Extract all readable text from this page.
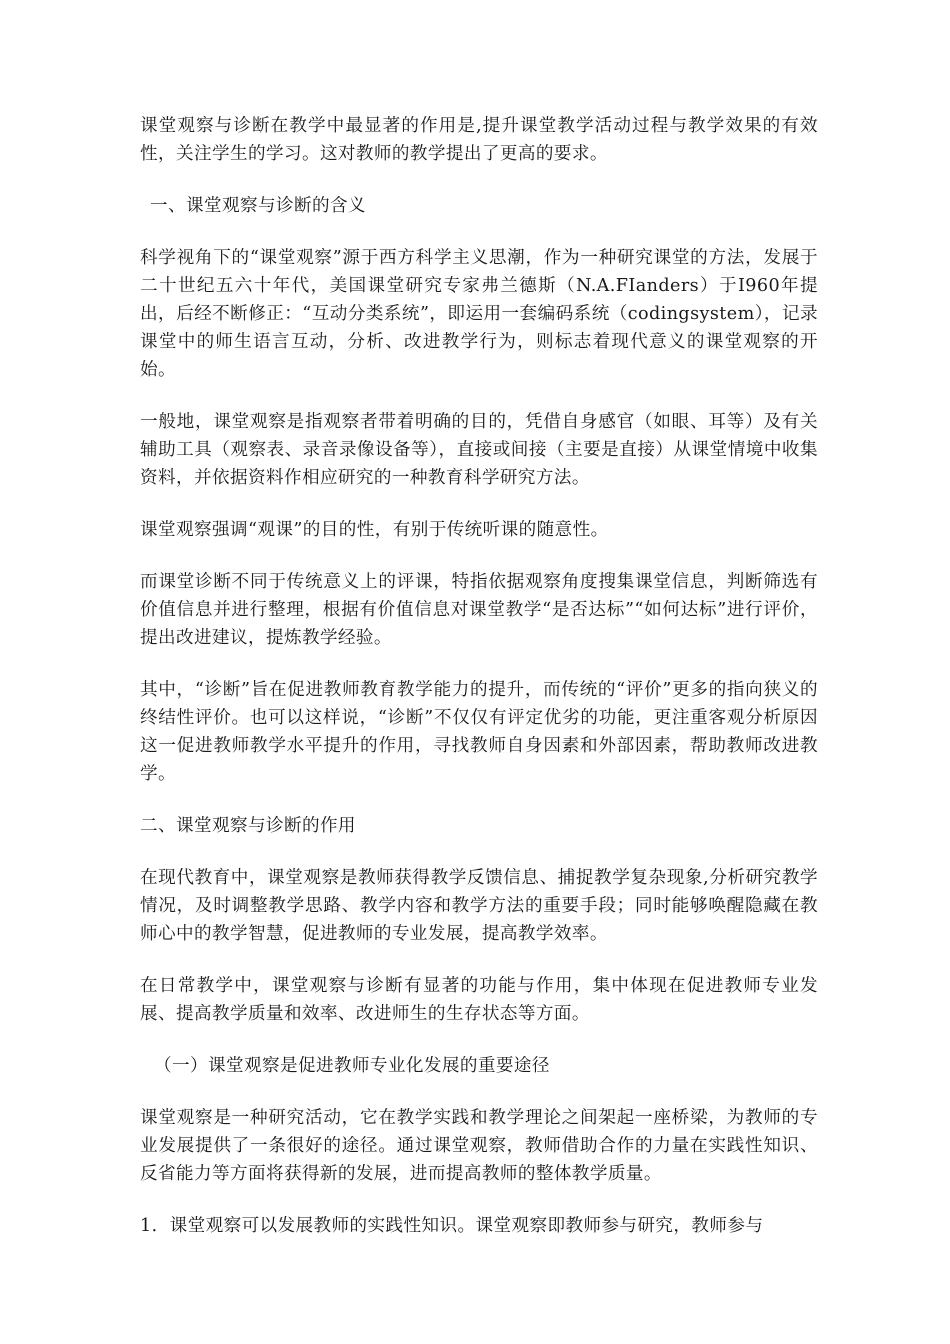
课堂观察与诊断在教学中最显著的作用是,提升课堂教学活动过程与教学效果的有效性，关注学生的学习。这对教师的教学提出了更高的要求。

一、课堂观察与诊断的含义

科学视角下的“课堂观察”源于西方科学主义思潮，作为一种研究课堂的方法，发展于二十世纪五六十年代，美国课堂研究专家弗兰德斯（N.A.FIanders）于I960年提出，后经不断修正：“互动分类系统”，即运用一套编码系统（codingsystem），记录课堂中的师生语言互动，分析、改进教学行为，则标志着现代意义的课堂观察的开始。

一般地，课堂观察是指观察者带着明确的目的，凭借自身感官（如眼、耳等）及有关辅助工具（观察表、录音录像设备等），直接或间接（主要是直接）从课堂情境中收集资料，并依据资料作相应研究的一种教育科学研究方法。

课堂观察强调“观课”的目的性，有别于传统听课的随意性。

而课堂诊断不同于传统意义上的评课，特指依据观察角度搜集课堂信息，判断筛选有价值信息并进行整理，根据有价值信息对课堂教学“是否达标”“如何达标”进行评价，提出改进建议，提炼教学经验。

其中，“诊断”旨在促进教师教育教学能力的提升，而传统的“评价”更多的指向狭义的终结性评价。也可以这样说，“诊断”不仅仅有评定优劣的功能，更注重客观分析原因这一促进教师教学水平提升的作用，寻找教师自身因素和外部因素，帮助教师改进教学。

二、课堂观察与诊断的作用

在现代教育中，课堂观察是教师获得教学反馈信息、捕捉教学复杂现象,分析研究教学情况，及时调整教学思路、教学内容和教学方法的重要手段；同时能够唤醒隐藏在教师心中的教学智慧，促进教师的专业发展，提高教学效率。

在日常教学中，课堂观察与诊断有显著的功能与作用，集中体现在促进教师专业发展、提高教学质量和效率、改进师生的生存状态等方面。

（一）课堂观察是促进教师专业化发展的重要途径

课堂观察是一种研究活动，它在教学实践和教学理论之间架起一座桥梁，为教师的专业发展提供了一条很好的途径。通过课堂观察，教师借助合作的力量在实践性知识、反省能力等方面将获得新的发展，进而提高教师的整体教学质量。

1．课堂观察可以发展教师的实践性知识。课堂观察即教师参与研究，教师参与
